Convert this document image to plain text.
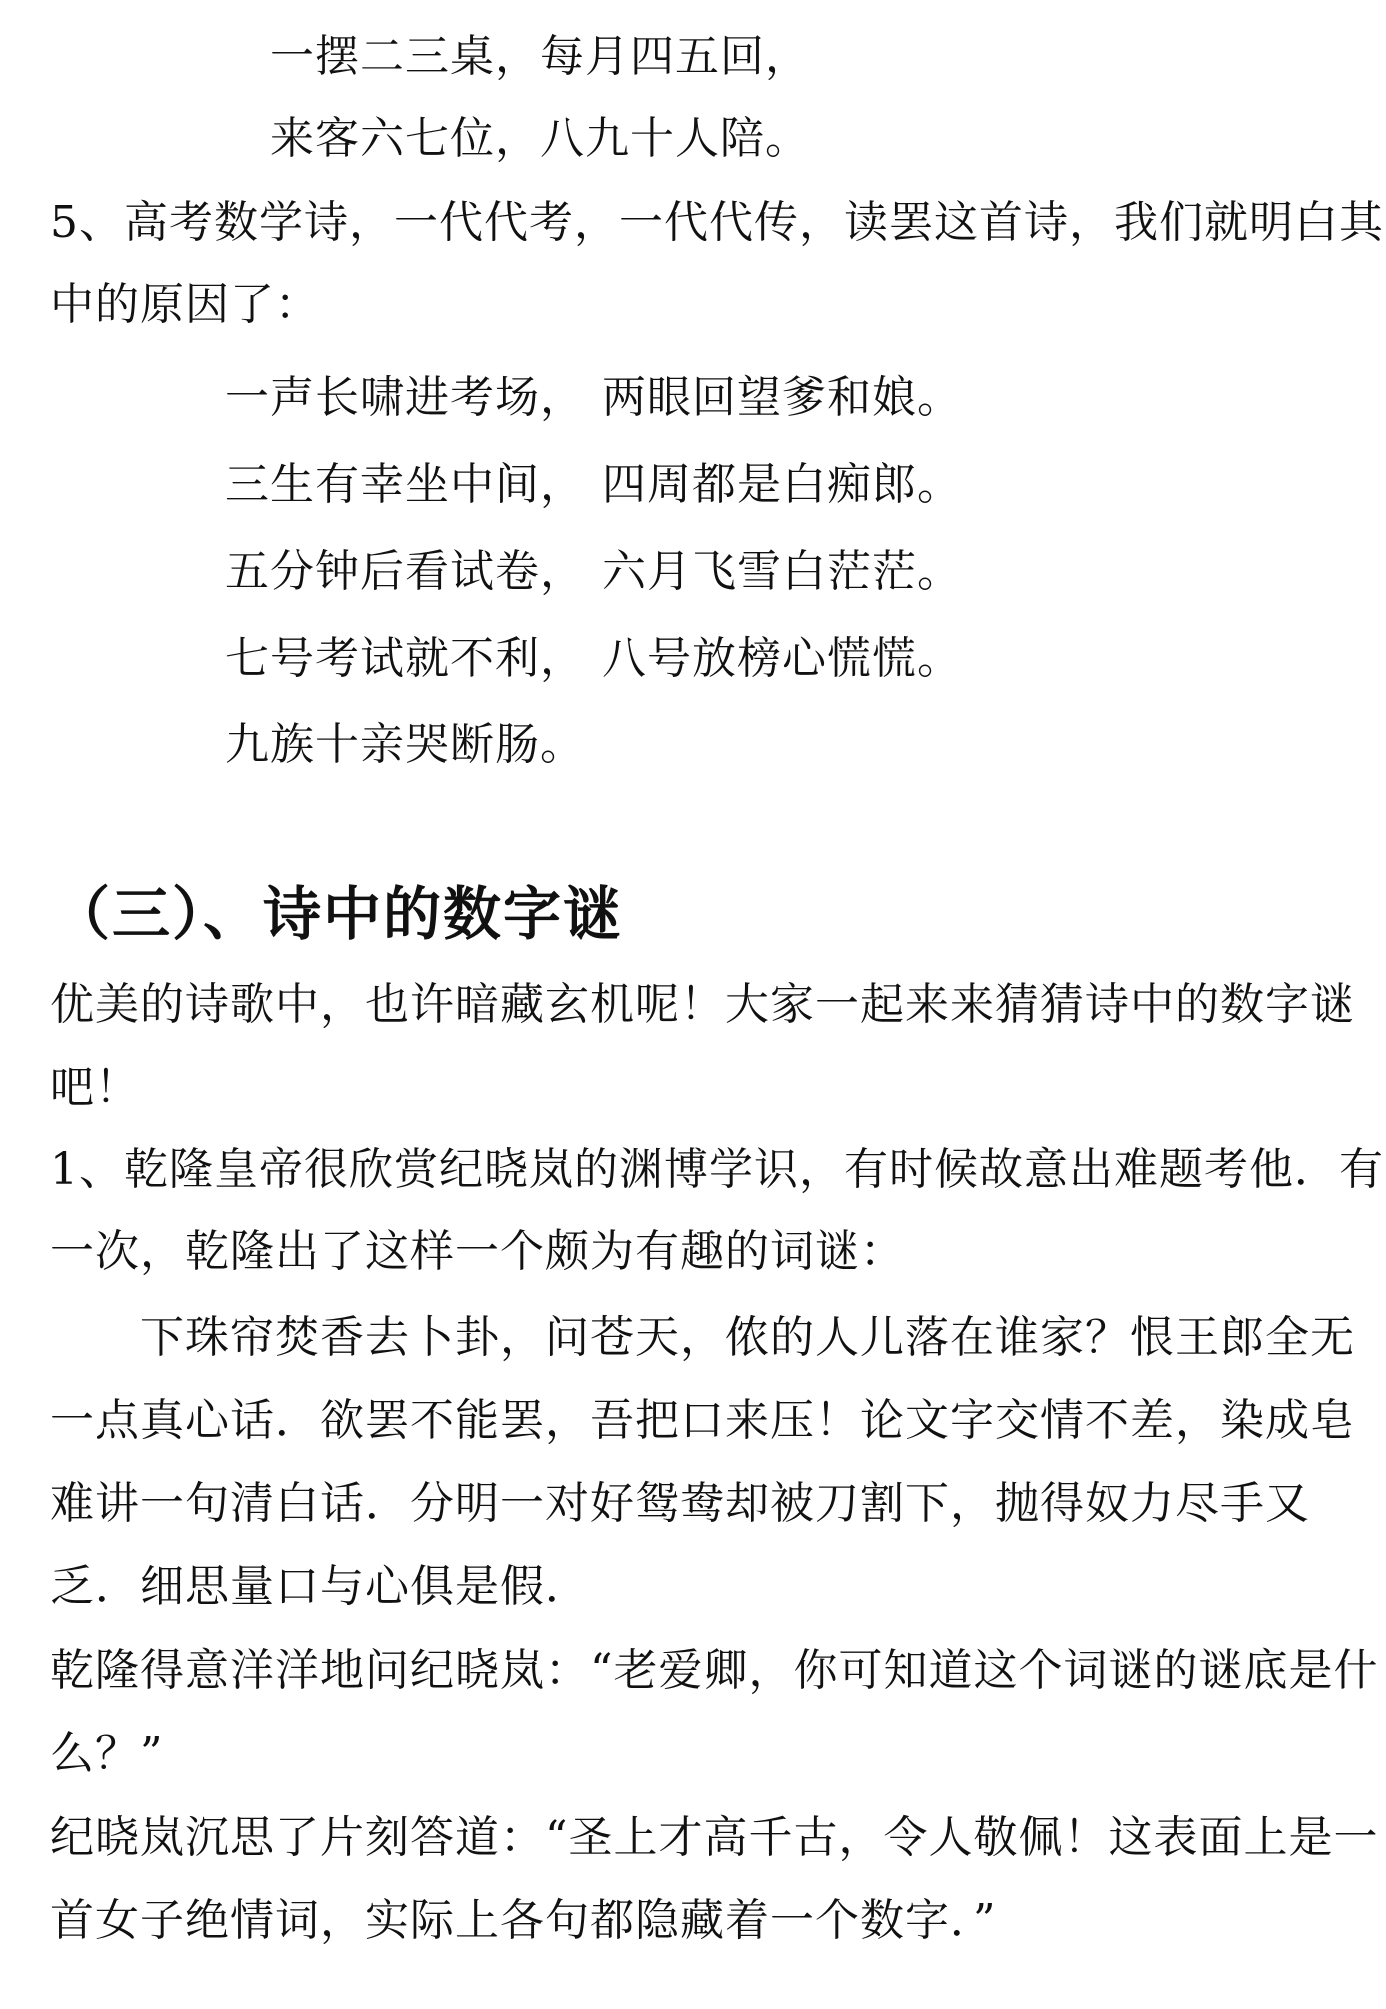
一摆二三桌，每月四五回，
来客六七位，八九十人陪。
5、高考数学诗，一代代考，一代代传，读罢这首诗，我们就明白其
中的原因了：
一声长啸进考场， 两眼回望爹和娘。
三生有幸坐中间， 四周都是白痴郎。
五分钟后看试卷， 六月飞雪白茫茫。
七号考试就不利， 八号放榜心慌慌。
九族十亲哭断肠。
（三）、诗中的数字谜
优美的诗歌中，也许暗藏玄机呢！大家一起来来猜猜诗中的数字谜
吧！
1、乾隆皇帝很欣赏纪晓岚的渊博学识，有时候故意出难题考他．有
一次，乾隆出了这样一个颇为有趣的词谜：
　　下珠帘焚香去卜卦，问苍天，侬的人儿落在谁家？恨王郎全无
一点真心话．欲罢不能罢，吾把口来压！论文字交情不差，染成皂
难讲一句清白话．分明一对好鸳鸯却被刀割下，抛得奴力尽手又
乏．细思量口与心俱是假．
乾隆得意洋洋地问纪晓岚：“老爱卿，你可知道这个词谜的谜底是什
么？”
纪晓岚沉思了片刻答道：“圣上才高千古，令人敬佩！这表面上是一
首女子绝情词，实际上各句都隐藏着一个数字．”
